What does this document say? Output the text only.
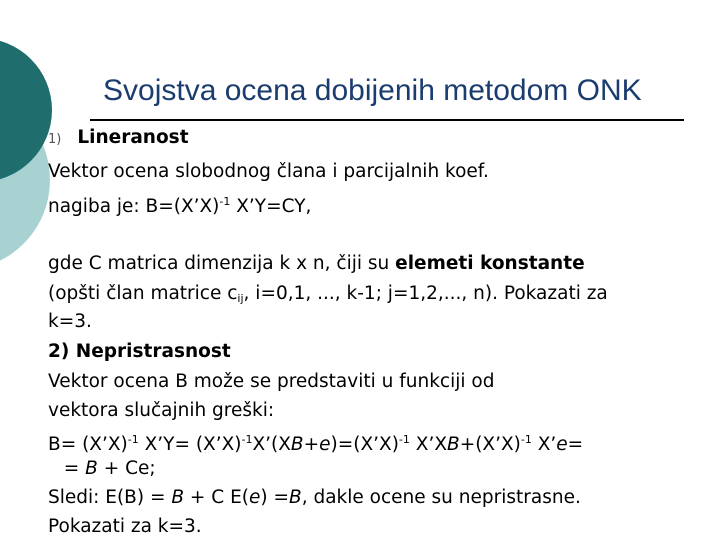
Svojstva ocena dobijenih metodom ONK
1) Lineranost
Vektor ocena slobodnog člana i parcijalnih koef.
nagiba je: B=(X’X)$^{-1}$ X’Y=CY,
gde C matrica dimenzija k x n, čiji su elemeti konstante
(opšti član matrice $c_{ij}$, i=0,1, ..., k-1; j=1,2,..., n). Pokazati za
k=3.
2) Nepristrasnost
Vektor ocena B može se predstaviti u funkciji od
vektora slučajnih greški:
B= (X’X)$^{-1}$ X’Y= (X’X)$^{-1}$X’(XB+e)=(X’X)$^{-1}$ X’XB+(X’X)$^{-1}$ X’e=
= B + Ce;
Sledi: E(B) = B + C E(e) =B, dakle ocene su nepristrasne.
Pokazati za k=3.
